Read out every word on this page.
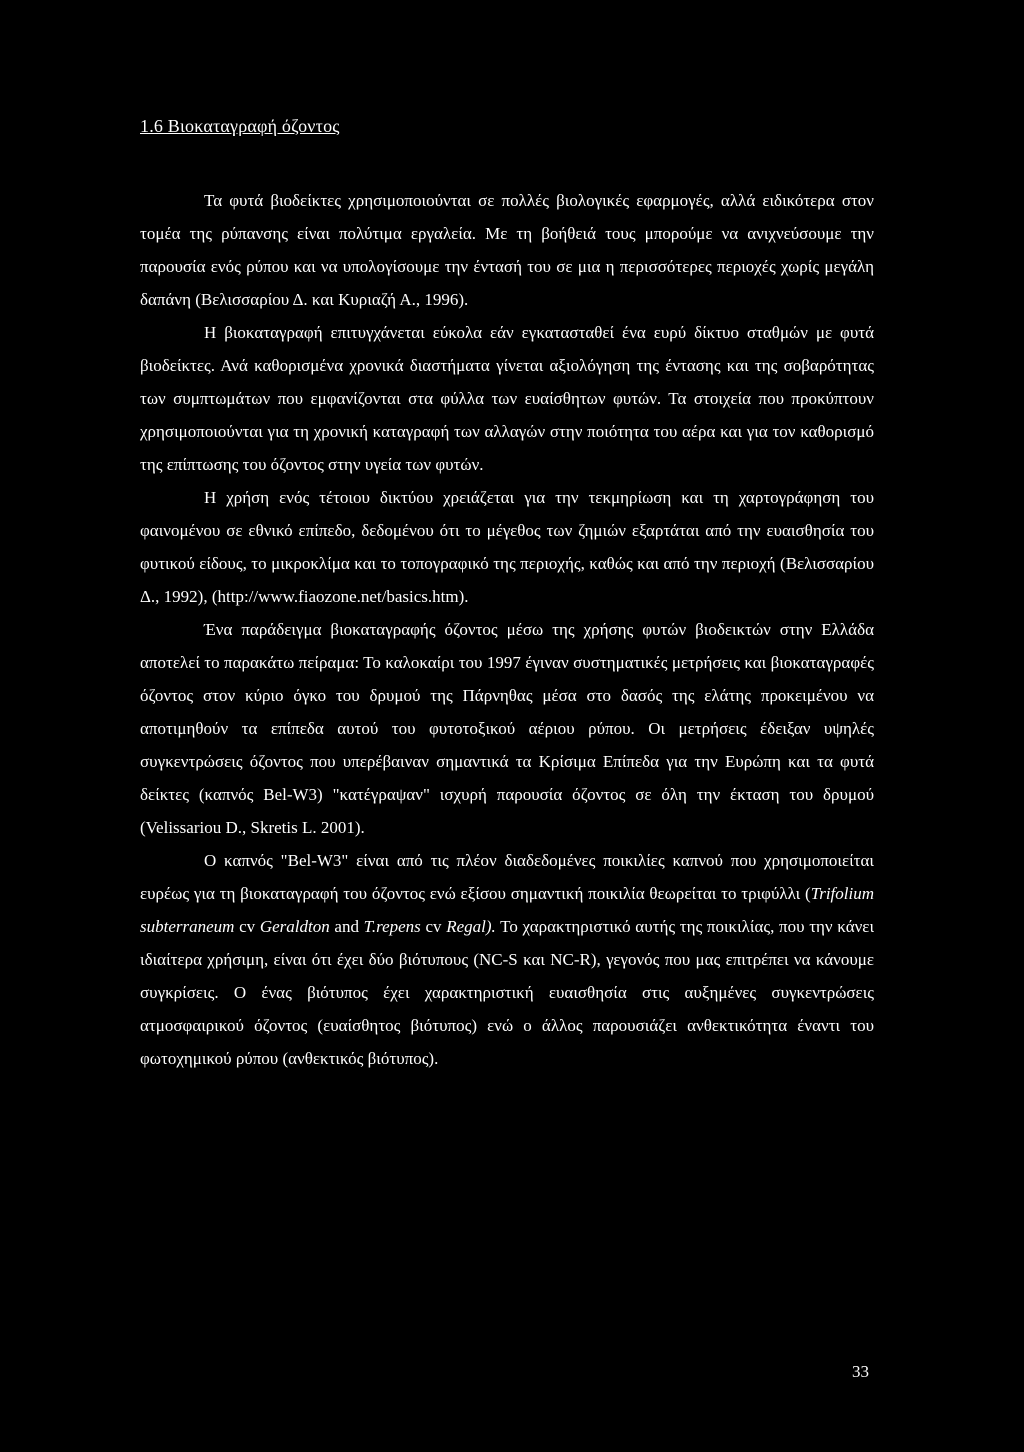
1.6 Βιοκαταγραφή όζοντος

Τα φυτά βιοδείκτες χρησιμοποιούνται σε πολλές βιολογικές εφαρμογές, αλλά ειδικότερα στον τομέα της ρύπανσης είναι πολύτιμα εργαλεία. Με τη βοήθειά τους μπορούμε να ανιχνεύσουμε την παρουσία ενός ρύπου και να υπολογίσουμε την έντασή του σε μια η περισσότερες περιοχές χωρίς μεγάλη δαπάνη (Βελισσαρίου Δ. και Κυριαζή Α., 1996).

Η βιοκαταγραφή επιτυγχάνεται εύκολα εάν εγκατασταθεί ένα ευρύ δίκτυο σταθμών με φυτά βιοδείκτες. Ανά καθορισμένα χρονικά διαστήματα γίνεται αξιολόγηση της έντασης και της σοβαρότητας των συμπτωμάτων που εμφανίζονται στα φύλλα των ευαίσθητων φυτών. Τα στοιχεία που προκύπτουν χρησιμοποιούνται για τη χρονική καταγραφή των αλλαγών στην ποιότητα του αέρα και για τον καθορισμό της επίπτωσης του όζοντος στην υγεία των φυτών.

Η χρήση ενός τέτοιου δικτύου χρειάζεται για την τεκμηρίωση και τη χαρτογράφηση του φαινομένου σε εθνικό επίπεδο, δεδομένου ότι το μέγεθος των ζημιών εξαρτάται από την ευαισθησία του φυτικού είδους, το μικροκλίμα και το τοπογραφικό της περιοχής, καθώς και από την περιοχή (Βελισσαρίου Δ., 1992), (http://www.fiaozone.net/basics.htm).

Ένα παράδειγμα βιοκαταγραφής όζοντος μέσω της χρήσης φυτών βιοδεικτών στην Ελλάδα αποτελεί το παρακάτω πείραμα: Το καλοκαίρι του 1997 έγιναν συστηματικές μετρήσεις και βιοκαταγραφές όζοντος στον κύριο όγκο του δρυμού της Πάρνηθας μέσα στο δασός της ελάτης προκειμένου να αποτιμηθούν τα επίπεδα αυτού του φυτοτοξικού αέριου ρύπου. Οι μετρήσεις έδειξαν υψηλές συγκεντρώσεις όζοντος που υπερέβαιναν σημαντικά τα Κρίσιμα Επίπεδα για την Ευρώπη και τα φυτά δείκτες (καπνός Bel-W3) "κατέγραψαν" ισχυρή παρουσία όζοντος σε όλη την έκταση του δρυμού (Velissariou D., Skretis L. 2001).

Ο καπνός "Bel-W3" είναι από τις πλέον διαδεδομένες ποικιλίες καπνού που χρησιμοποιείται ευρέως για τη βιοκαταγραφή του όζοντος ενώ εξίσου σημαντική ποικιλία θεωρείται το τριφύλλι (Trifolium subterraneum cv Geraldton and T.repens cv Regal). Το χαρακτηριστικό αυτής της ποικιλίας, που την κάνει ιδιαίτερα χρήσιμη, είναι ότι έχει δύο βιότυπους (NC-S και NC-R), γεγονός που μας επιτρέπει να κάνουμε συγκρίσεις. Ο ένας βιότυπος έχει χαρακτηριστική ευαισθησία στις αυξημένες συγκεντρώσεις ατμοσφαιρικού όζοντος (ευαίσθητος βιότυπος) ενώ ο άλλος παρουσιάζει ανθεκτικότητα έναντι του φωτοχημικού ρύπου (ανθεκτικός βιότυπος).

33
